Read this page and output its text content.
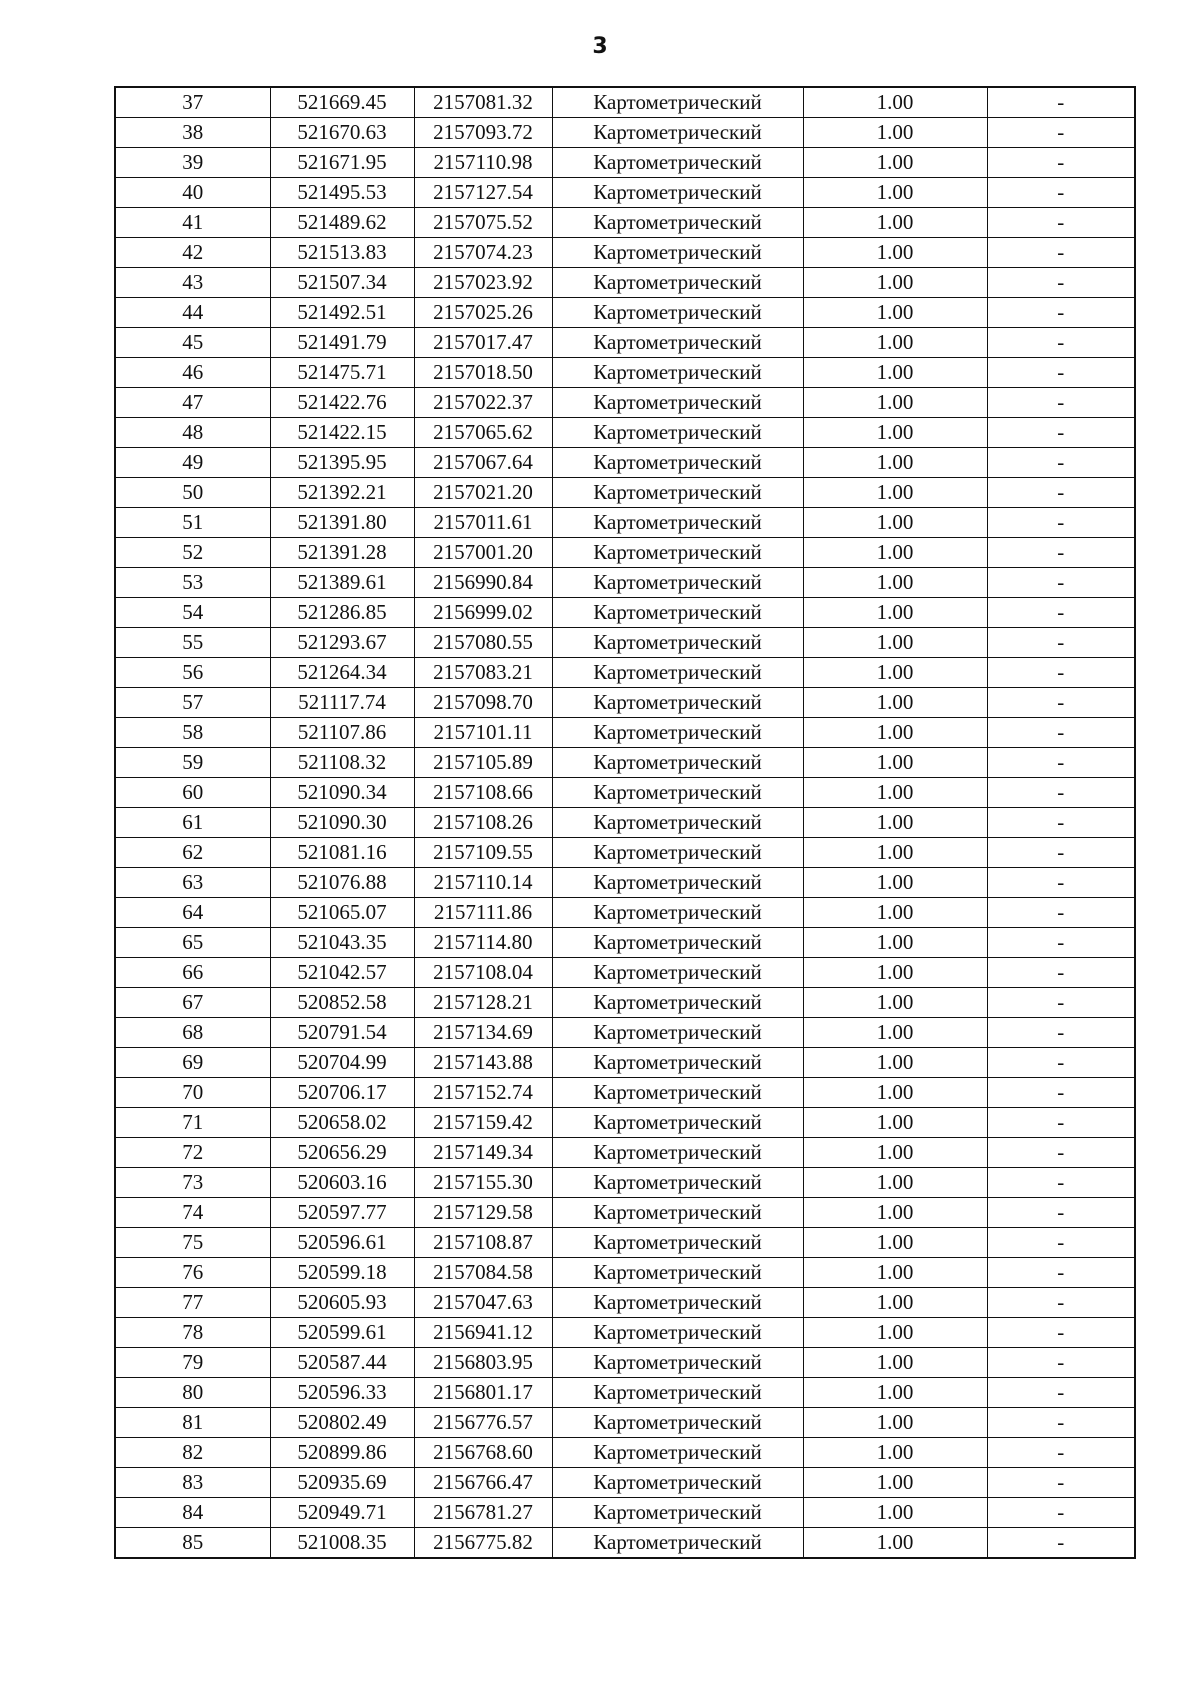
3
37	521669.45	2157081.32	Картометрический	1.00	-
38	521670.63	2157093.72	Картометрический	1.00	-
39	521671.95	2157110.98	Картометрический	1.00	-
40	521495.53	2157127.54	Картометрический	1.00	-
41	521489.62	2157075.52	Картометрический	1.00	-
42	521513.83	2157074.23	Картометрический	1.00	-
43	521507.34	2157023.92	Картометрический	1.00	-
44	521492.51	2157025.26	Картометрический	1.00	-
45	521491.79	2157017.47	Картометрический	1.00	-
46	521475.71	2157018.50	Картометрический	1.00	-
47	521422.76	2157022.37	Картометрический	1.00	-
48	521422.15	2157065.62	Картометрический	1.00	-
49	521395.95	2157067.64	Картометрический	1.00	-
50	521392.21	2157021.20	Картометрический	1.00	-
51	521391.80	2157011.61	Картометрический	1.00	-
52	521391.28	2157001.20	Картометрический	1.00	-
53	521389.61	2156990.84	Картометрический	1.00	-
54	521286.85	2156999.02	Картометрический	1.00	-
55	521293.67	2157080.55	Картометрический	1.00	-
56	521264.34	2157083.21	Картометрический	1.00	-
57	521117.74	2157098.70	Картометрический	1.00	-
58	521107.86	2157101.11	Картометрический	1.00	-
59	521108.32	2157105.89	Картометрический	1.00	-
60	521090.34	2157108.66	Картометрический	1.00	-
61	521090.30	2157108.26	Картометрический	1.00	-
62	521081.16	2157109.55	Картометрический	1.00	-
63	521076.88	2157110.14	Картометрический	1.00	-
64	521065.07	2157111.86	Картометрический	1.00	-
65	521043.35	2157114.80	Картометрический	1.00	-
66	521042.57	2157108.04	Картометрический	1.00	-
67	520852.58	2157128.21	Картометрический	1.00	-
68	520791.54	2157134.69	Картометрический	1.00	-
69	520704.99	2157143.88	Картометрический	1.00	-
70	520706.17	2157152.74	Картометрический	1.00	-
71	520658.02	2157159.42	Картометрический	1.00	-
72	520656.29	2157149.34	Картометрический	1.00	-
73	520603.16	2157155.30	Картометрический	1.00	-
74	520597.77	2157129.58	Картометрический	1.00	-
75	520596.61	2157108.87	Картометрический	1.00	-
76	520599.18	2157084.58	Картометрический	1.00	-
77	520605.93	2157047.63	Картометрический	1.00	-
78	520599.61	2156941.12	Картометрический	1.00	-
79	520587.44	2156803.95	Картометрический	1.00	-
80	520596.33	2156801.17	Картометрический	1.00	-
81	520802.49	2156776.57	Картометрический	1.00	-
82	520899.86	2156768.60	Картометрический	1.00	-
83	520935.69	2156766.47	Картометрический	1.00	-
84	520949.71	2156781.27	Картометрический	1.00	-
85	521008.35	2156775.82	Картометрический	1.00	-
